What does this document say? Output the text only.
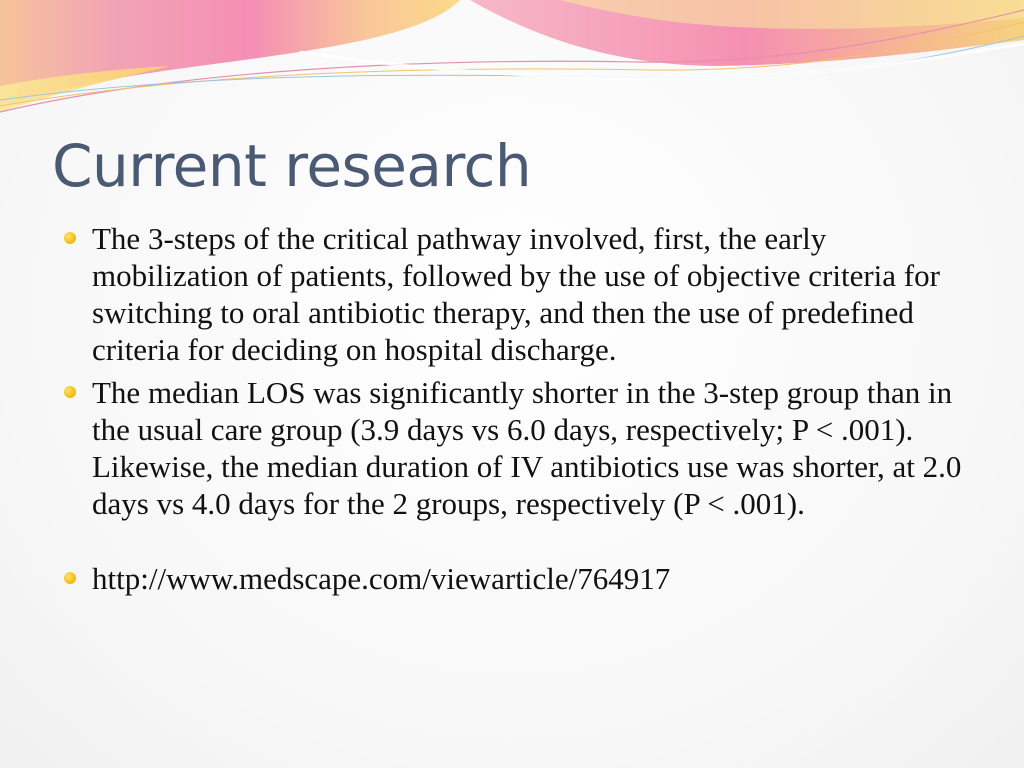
Current research
The 3-steps of the critical pathway involved, first, the early mobilization of patients, followed by the use of objective criteria for switching to oral antibiotic therapy, and then the use of predefined criteria for deciding on hospital discharge.
The median LOS was significantly shorter in the 3-step group than in the usual care group (3.9 days vs 6.0 days, respectively; P < .001). Likewise, the median duration of IV antibiotics use was shorter, at 2.0 days vs 4.0 days for the 2 groups, respectively (P < .001).
http://www.medscape.com/viewarticle/764917
